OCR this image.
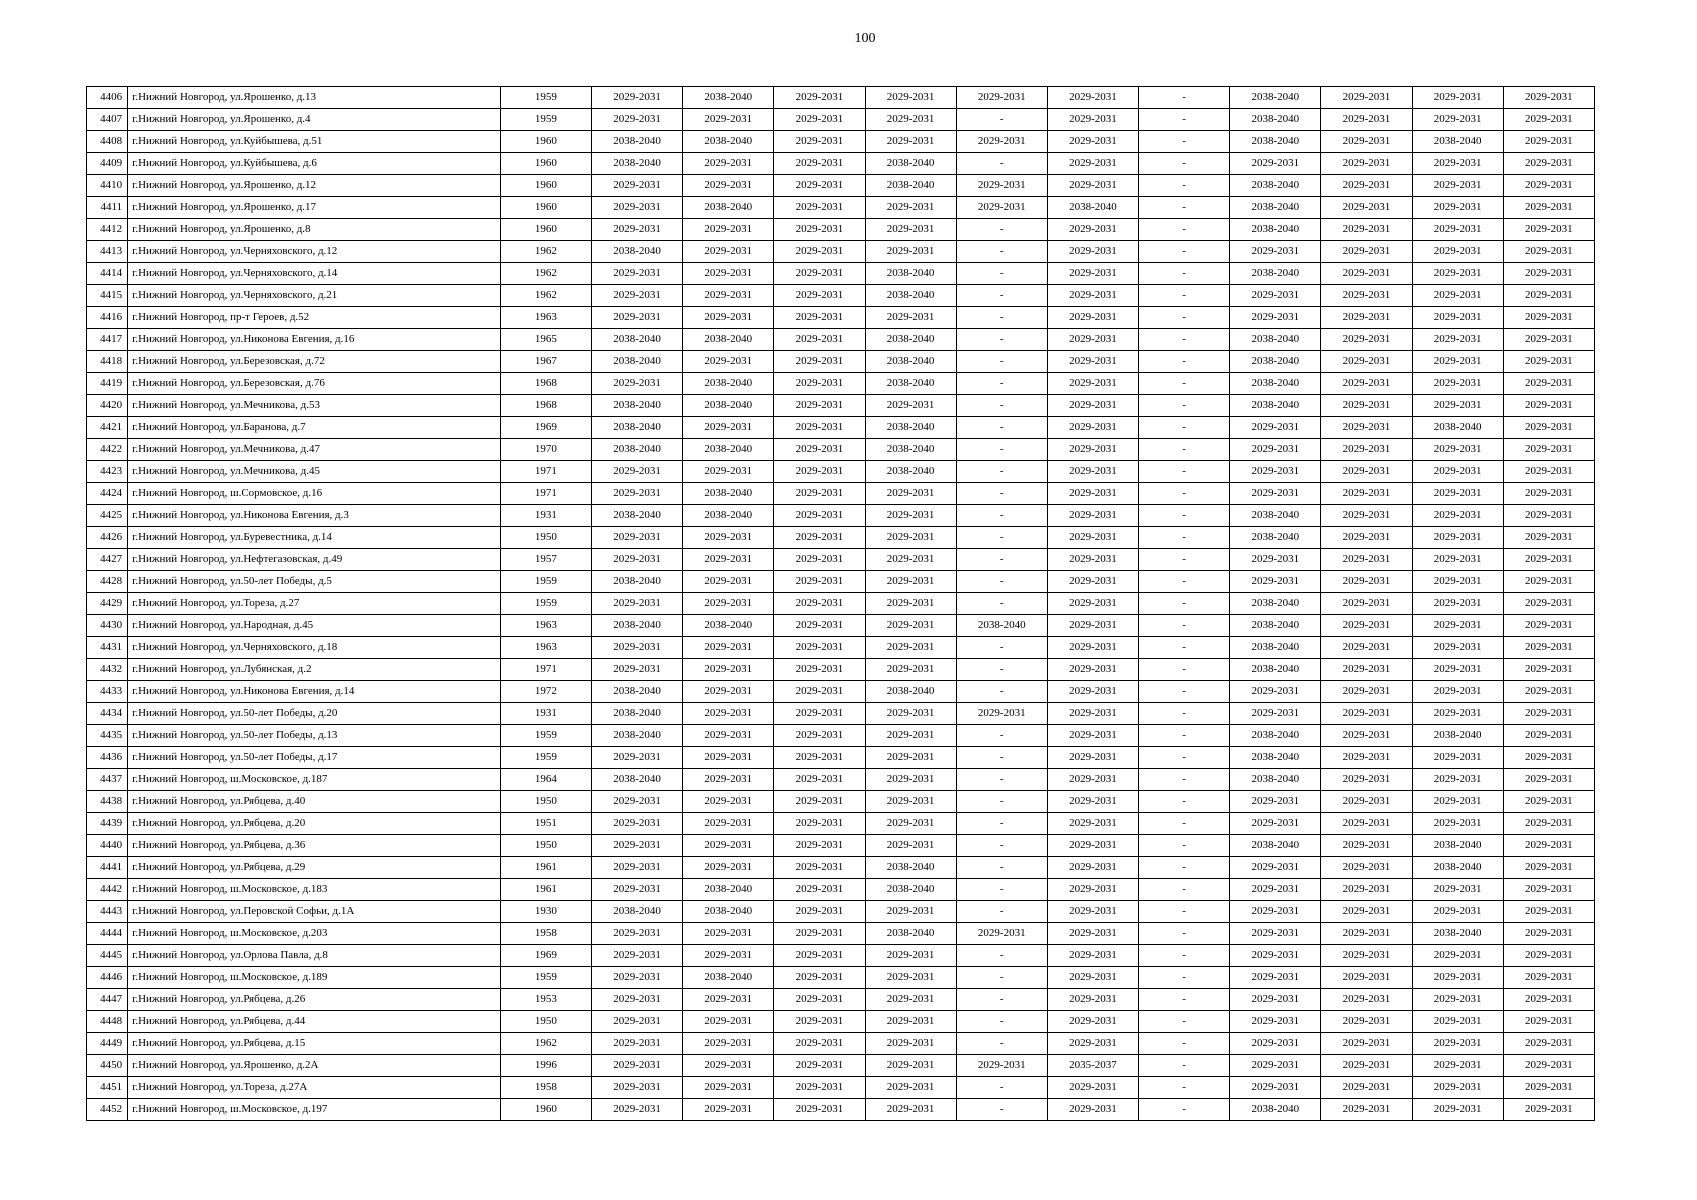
100
4406	г.Нижний Новгород, ул.Ярошенко, д.13	1959	2029-2031	2038-2040	2029-2031	2029-2031	2029-2031	2029-2031	-	2038-2040	2029-2031	2029-2031	2029-2031
4407	г.Нижний Новгород, ул.Ярошенко, д.4	1959	2029-2031	2029-2031	2029-2031	2029-2031	-	2029-2031	-	2038-2040	2029-2031	2029-2031	2029-2031
4408	г.Нижний Новгород, ул.Куйбышева, д.51	1960	2038-2040	2038-2040	2029-2031	2029-2031	2029-2031	2029-2031	-	2038-2040	2029-2031	2038-2040	2029-2031
4409	г.Нижний Новгород, ул.Куйбышева, д.6	1960	2038-2040	2029-2031	2029-2031	2038-2040	-	2029-2031	-	2029-2031	2029-2031	2029-2031	2029-2031
4410	г.Нижний Новгород, ул.Ярошенко, д.12	1960	2029-2031	2029-2031	2029-2031	2038-2040	2029-2031	2029-2031	-	2038-2040	2029-2031	2029-2031	2029-2031
4411	г.Нижний Новгород, ул.Ярошенко, д.17	1960	2029-2031	2038-2040	2029-2031	2029-2031	2029-2031	2038-2040	-	2038-2040	2029-2031	2029-2031	2029-2031
4412	г.Нижний Новгород, ул.Ярошенко, д.8	1960	2029-2031	2029-2031	2029-2031	2029-2031	-	2029-2031	-	2038-2040	2029-2031	2029-2031	2029-2031
4413	г.Нижний Новгород, ул.Черняховского, д.12	1962	2038-2040	2029-2031	2029-2031	2029-2031	-	2029-2031	-	2029-2031	2029-2031	2029-2031	2029-2031
4414	г.Нижний Новгород, ул.Черняховского, д.14	1962	2029-2031	2029-2031	2029-2031	2038-2040	-	2029-2031	-	2038-2040	2029-2031	2029-2031	2029-2031
4415	г.Нижний Новгород, ул.Черняховского, д.21	1962	2029-2031	2029-2031	2029-2031	2038-2040	-	2029-2031	-	2029-2031	2029-2031	2029-2031	2029-2031
4416	г.Нижний Новгород, пр-т Героев, д.52	1963	2029-2031	2029-2031	2029-2031	2029-2031	-	2029-2031	-	2029-2031	2029-2031	2029-2031	2029-2031
4417	г.Нижний Новгород, ул.Никонова Евгения, д.16	1965	2038-2040	2038-2040	2029-2031	2038-2040	-	2029-2031	-	2038-2040	2029-2031	2029-2031	2029-2031
4418	г.Нижний Новгород, ул.Березовская, д.72	1967	2038-2040	2029-2031	2029-2031	2038-2040	-	2029-2031	-	2038-2040	2029-2031	2029-2031	2029-2031
4419	г.Нижний Новгород, ул.Березовская, д.76	1968	2029-2031	2038-2040	2029-2031	2038-2040	-	2029-2031	-	2038-2040	2029-2031	2029-2031	2029-2031
4420	г.Нижний Новгород, ул.Мечникова, д.53	1968	2038-2040	2038-2040	2029-2031	2029-2031	-	2029-2031	-	2038-2040	2029-2031	2029-2031	2029-2031
4421	г.Нижний Новгород, ул.Баранова, д.7	1969	2038-2040	2029-2031	2029-2031	2038-2040	-	2029-2031	-	2029-2031	2029-2031	2038-2040	2029-2031
4422	г.Нижний Новгород, ул.Мечникова, д.47	1970	2038-2040	2038-2040	2029-2031	2038-2040	-	2029-2031	-	2029-2031	2029-2031	2029-2031	2029-2031
4423	г.Нижний Новгород, ул.Мечникова, д.45	1971	2029-2031	2029-2031	2029-2031	2038-2040	-	2029-2031	-	2029-2031	2029-2031	2029-2031	2029-2031
4424	г.Нижний Новгород, ш.Сормовское, д.16	1971	2029-2031	2038-2040	2029-2031	2029-2031	-	2029-2031	-	2029-2031	2029-2031	2029-2031	2029-2031
4425	г.Нижний Новгород, ул.Никонова Евгения, д.3	1931	2038-2040	2038-2040	2029-2031	2029-2031	-	2029-2031	-	2038-2040	2029-2031	2029-2031	2029-2031
4426	г.Нижний Новгород, ул.Буревестника, д.14	1950	2029-2031	2029-2031	2029-2031	2029-2031	-	2029-2031	-	2038-2040	2029-2031	2029-2031	2029-2031
4427	г.Нижний Новгород, ул.Нефтегазовская, д.49	1957	2029-2031	2029-2031	2029-2031	2029-2031	-	2029-2031	-	2029-2031	2029-2031	2029-2031	2029-2031
4428	г.Нижний Новгород, ул.50-лет Победы, д.5	1959	2038-2040	2029-2031	2029-2031	2029-2031	-	2029-2031	-	2029-2031	2029-2031	2029-2031	2029-2031
4429	г.Нижний Новгород, ул.Тореза, д.27	1959	2029-2031	2029-2031	2029-2031	2029-2031	-	2029-2031	-	2038-2040	2029-2031	2029-2031	2029-2031
4430	г.Нижний Новгород, ул.Народная, д.45	1963	2038-2040	2038-2040	2029-2031	2029-2031	2038-2040	2029-2031	-	2038-2040	2029-2031	2029-2031	2029-2031
4431	г.Нижний Новгород, ул.Черняховского, д.18	1963	2029-2031	2029-2031	2029-2031	2029-2031	-	2029-2031	-	2038-2040	2029-2031	2029-2031	2029-2031
4432	г.Нижний Новгород, ул.Лубянская, д.2	1971	2029-2031	2029-2031	2029-2031	2029-2031	-	2029-2031	-	2038-2040	2029-2031	2029-2031	2029-2031
4433	г.Нижний Новгород, ул.Никонова Евгения, д.14	1972	2038-2040	2029-2031	2029-2031	2038-2040	-	2029-2031	-	2029-2031	2029-2031	2029-2031	2029-2031
4434	г.Нижний Новгород, ул.50-лет Победы, д.20	1931	2038-2040	2029-2031	2029-2031	2029-2031	2029-2031	2029-2031	-	2029-2031	2029-2031	2029-2031	2029-2031
4435	г.Нижний Новгород, ул.50-лет Победы, д.13	1959	2038-2040	2029-2031	2029-2031	2029-2031	-	2029-2031	-	2038-2040	2029-2031	2038-2040	2029-2031
4436	г.Нижний Новгород, ул.50-лет Победы, д.17	1959	2029-2031	2029-2031	2029-2031	2029-2031	-	2029-2031	-	2038-2040	2029-2031	2029-2031	2029-2031
4437	г.Нижний Новгород, ш.Московское, д.187	1964	2038-2040	2029-2031	2029-2031	2029-2031	-	2029-2031	-	2038-2040	2029-2031	2029-2031	2029-2031
4438	г.Нижний Новгород, ул.Рябцева, д.40	1950	2029-2031	2029-2031	2029-2031	2029-2031	-	2029-2031	-	2029-2031	2029-2031	2029-2031	2029-2031
4439	г.Нижний Новгород, ул.Рябцева, д.20	1951	2029-2031	2029-2031	2029-2031	2029-2031	-	2029-2031	-	2029-2031	2029-2031	2029-2031	2029-2031
4440	г.Нижний Новгород, ул.Рябцева, д.36	1950	2029-2031	2029-2031	2029-2031	2029-2031	-	2029-2031	-	2038-2040	2029-2031	2038-2040	2029-2031
4441	г.Нижний Новгород, ул.Рябцева, д.29	1961	2029-2031	2029-2031	2029-2031	2038-2040	-	2029-2031	-	2029-2031	2029-2031	2038-2040	2029-2031
4442	г.Нижний Новгород, ш.Московское, д.183	1961	2029-2031	2038-2040	2029-2031	2038-2040	-	2029-2031	-	2029-2031	2029-2031	2029-2031	2029-2031
4443	г.Нижний Новгород, ул.Перовской Софьи, д.1А	1930	2038-2040	2038-2040	2029-2031	2029-2031	-	2029-2031	-	2029-2031	2029-2031	2029-2031	2029-2031
4444	г.Нижний Новгород, ш.Московское, д.203	1958	2029-2031	2029-2031	2029-2031	2038-2040	2029-2031	2029-2031	-	2029-2031	2029-2031	2038-2040	2029-2031
4445	г.Нижний Новгород, ул.Орлова Павла, д.8	1969	2029-2031	2029-2031	2029-2031	2029-2031	-	2029-2031	-	2029-2031	2029-2031	2029-2031	2029-2031
4446	г.Нижний Новгород, ш.Московское, д.189	1959	2029-2031	2038-2040	2029-2031	2029-2031	-	2029-2031	-	2029-2031	2029-2031	2029-2031	2029-2031
4447	г.Нижний Новгород, ул.Рябцева, д.26	1953	2029-2031	2029-2031	2029-2031	2029-2031	-	2029-2031	-	2029-2031	2029-2031	2029-2031	2029-2031
4448	г.Нижний Новгород, ул.Рябцева, д.44	1950	2029-2031	2029-2031	2029-2031	2029-2031	-	2029-2031	-	2029-2031	2029-2031	2029-2031	2029-2031
4449	г.Нижний Новгород, ул.Рябцева, д.15	1962	2029-2031	2029-2031	2029-2031	2029-2031	-	2029-2031	-	2029-2031	2029-2031	2029-2031	2029-2031
4450	г.Нижний Новгород, ул.Ярошенко, д.2А	1996	2029-2031	2029-2031	2029-2031	2029-2031	2029-2031	2035-2037	-	2029-2031	2029-2031	2029-2031	2029-2031
4451	г.Нижний Новгород, ул.Тореза, д.27А	1958	2029-2031	2029-2031	2029-2031	2029-2031	-	2029-2031	-	2029-2031	2029-2031	2029-2031	2029-2031
4452	г.Нижний Новгород, ш.Московское, д.197	1960	2029-2031	2029-2031	2029-2031	2029-2031	-	2029-2031	-	2038-2040	2029-2031	2029-2031	2029-2031
